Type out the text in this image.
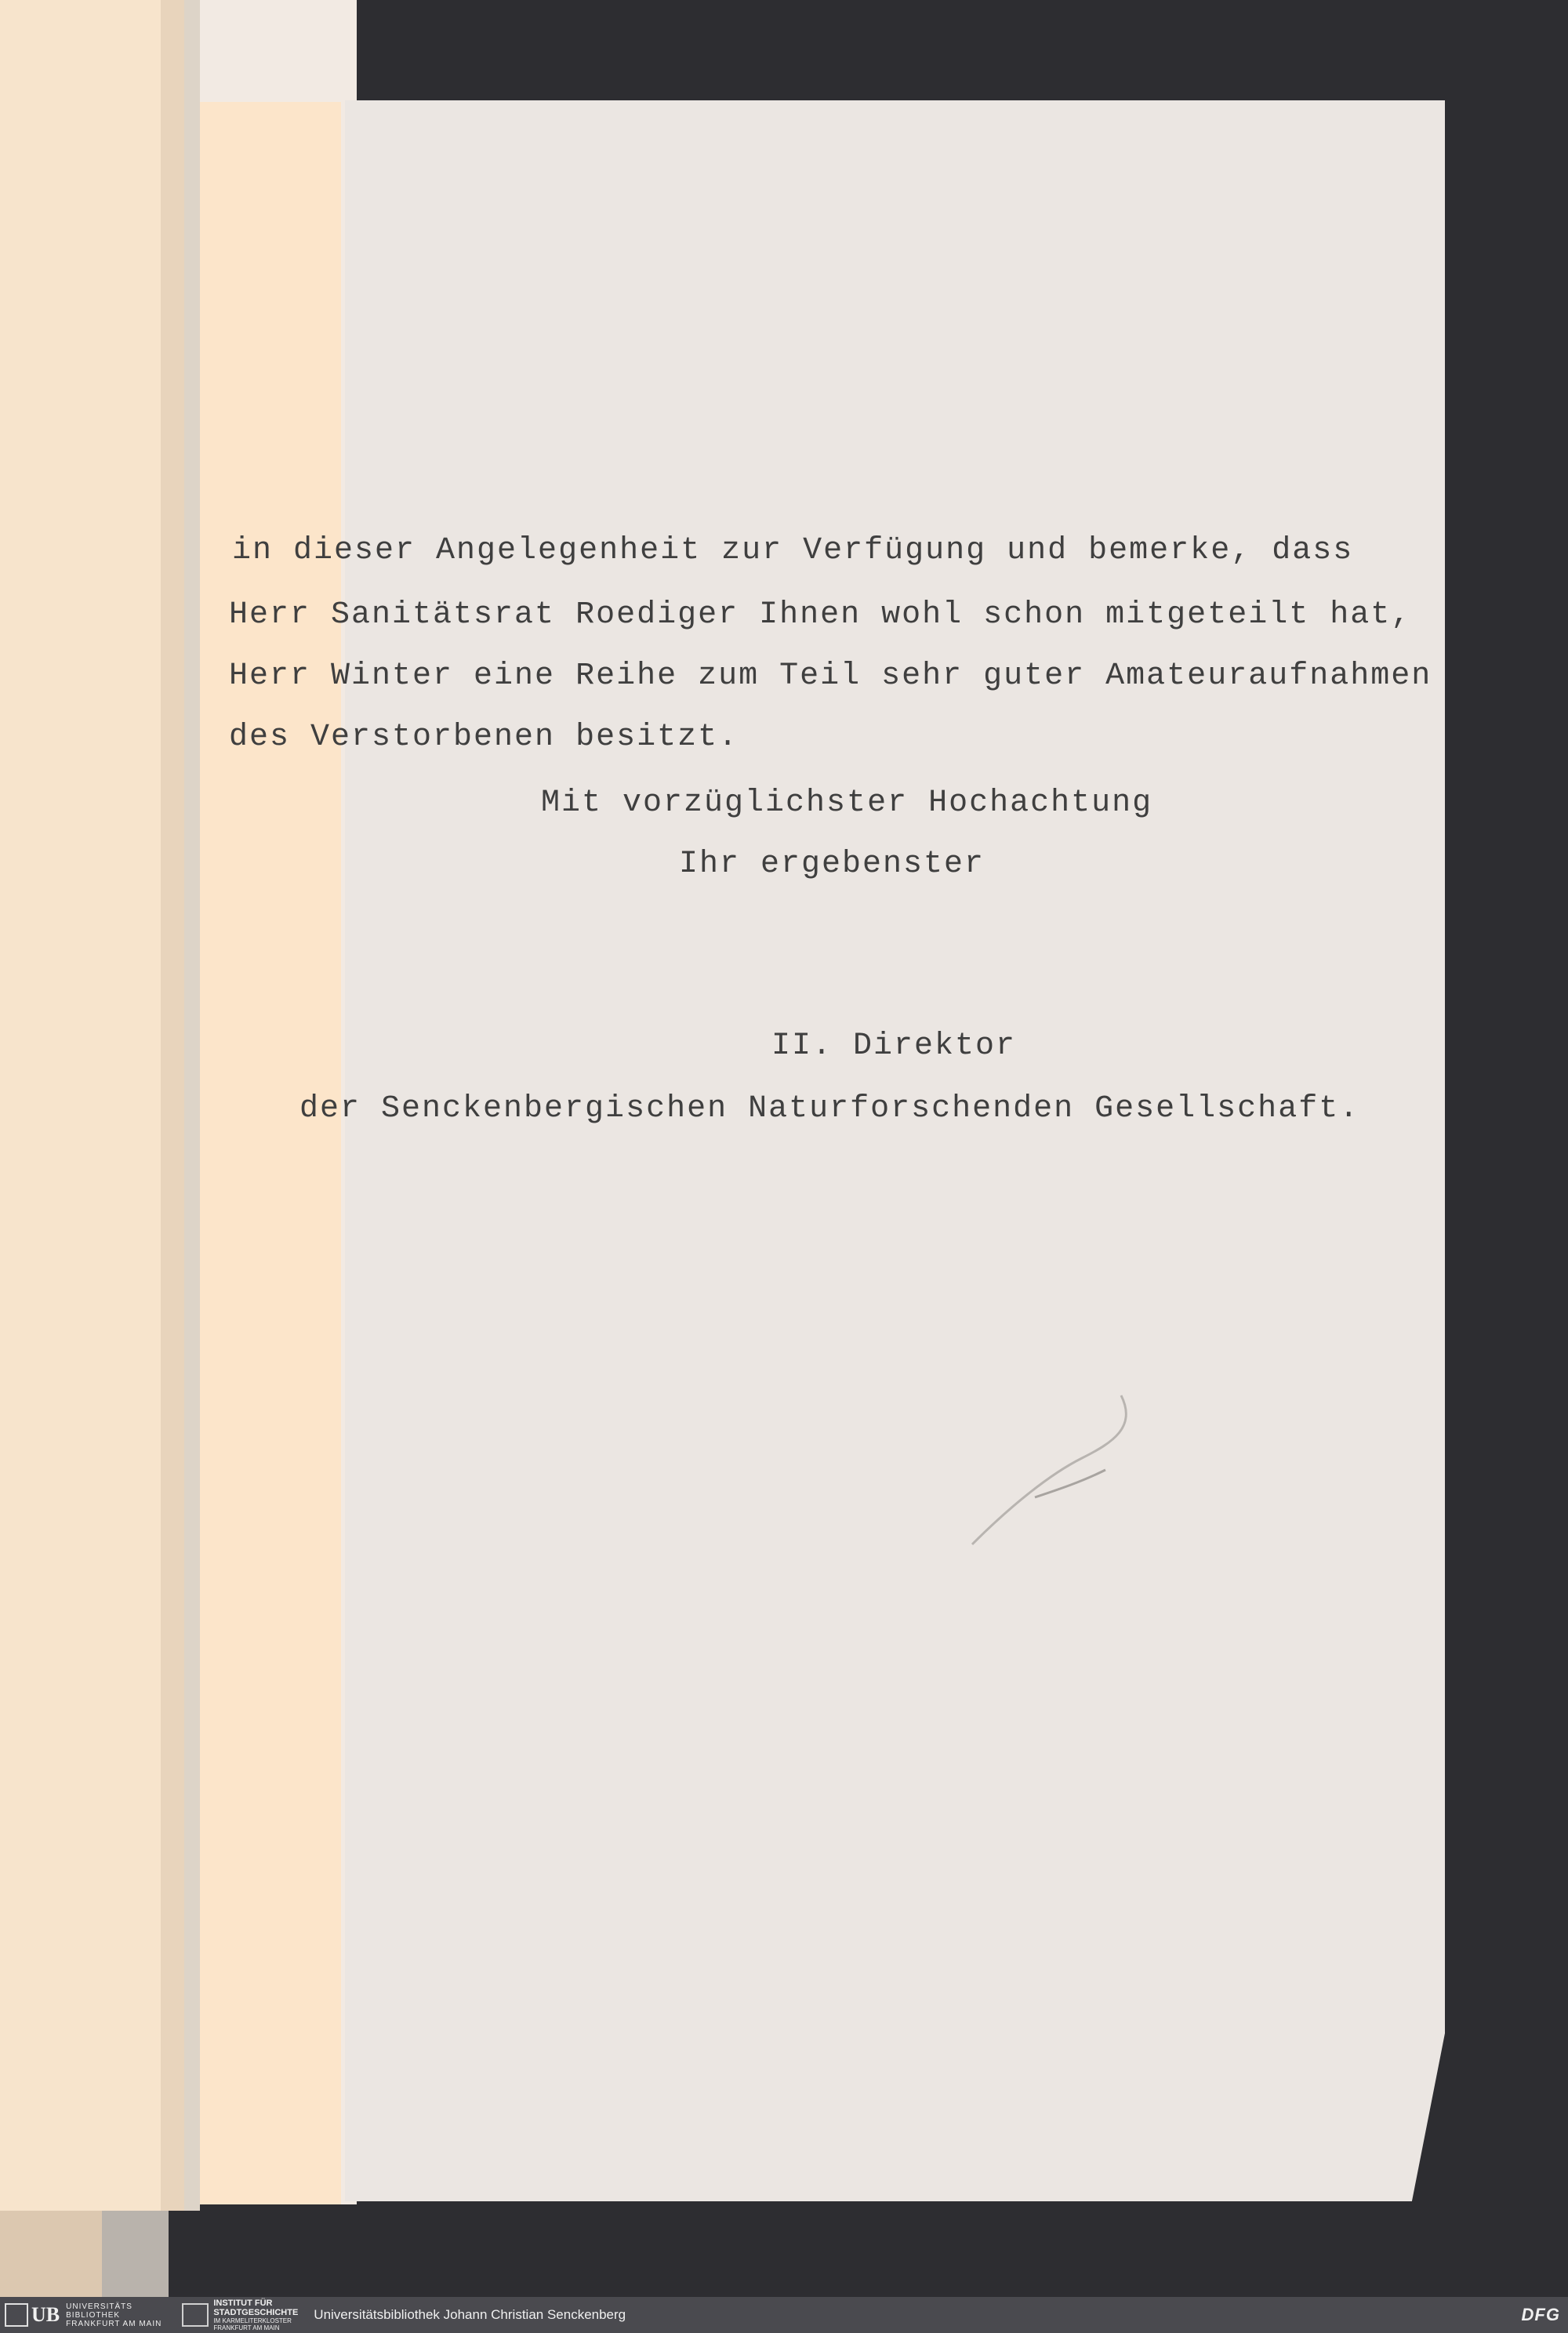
in dieser Angelegenheit zur Verfügung und bemerke, dass
Herr Sanitätsrat Roediger Ihnen wohl schon mitgeteilt hat,
Herr Winter eine Reihe zum Teil sehr guter Amateuraufnahmen
des Verstorbenen besitzt.
Mit vorzüglichster Hochachtung
Ihr ergebenster
II. Direktor
der Senckenbergischen Naturforschenden Gesellschaft.
UB UNIVERSITÄTS
BIBLIOTHEK
FRANKFURT AM MAIN
INSTITUT FÜR
STADTGESCHICHTE
IM KARMELITERKLOSTER
FRANKFURT AM MAIN
Universitätsbibliothek Johann Christian Senckenberg	DFG
